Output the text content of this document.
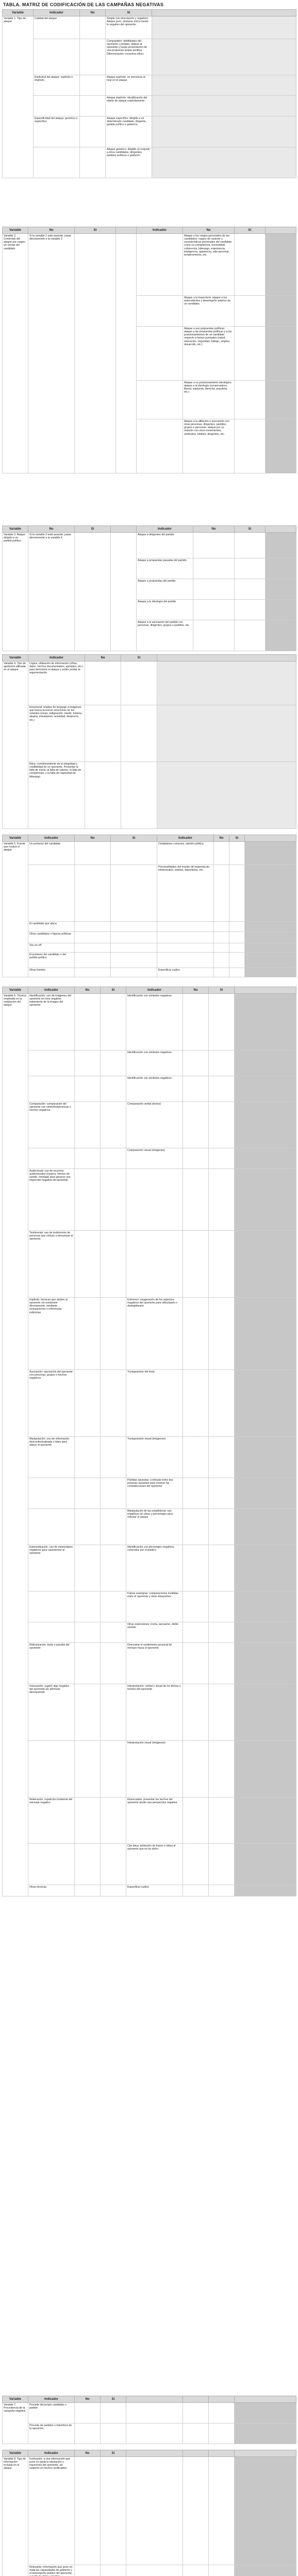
TABLA. MATRIZ DE CODIFICACIÓN DE LAS CAMPAÑAS NEGATIVAS
Variable	Indicador	No	Sí	
Variable 1. Tipo de ataque	Calidad del ataque		Simple (sin descripción y negativo). Ataque puro, destacar única mente lo negativo del oponente.	
			Comparativo: debilidades del oponente y propias; ataque al oponente y luego presentación de una propuesta propia positiva. Diferenciación «nosotros-ellos»	
	Explicitud del ataque: explícito e implícito		Ataque explícito: se menciona al rival en el ataque	
			Ataque implícito: identificación del objeto de ataque explícitamente	
	Especificidad del ataque: genérico o específico		Ataque específico: dirigido a un determinado candidato, dirigente, partido político o gobierno	
			Ataque genérico: dirigido al conjunto a otros candidatos, dirigentes, partidos políticos o gobierno	
Variable	No	Sí		Indicador	No	Sí	
Variable 2. Contenido del ataque por rasgos y/o temas del candidato	Si la variable 1 está ausente, pasar directamente a la variable 3				Ataque a los rasgos personales de los candidatos: rasgos de carácter y características personales del candidato como su competencia, honestidad, coherencia, liderazgo, experiencia, inteligencia, apariencia, vida personal, temperamento, etc.		
					Ataque a la trayectoria: ataque a los antecedentes y desempeño anterior de un candidato.		
					Ataque a sus propuestas políticas: ataque a las propuestas políticas y a los posicionamientos de un candidato respecto a temas puntuales (salud, educación, seguridad, trabajo, empleo, desarrollo, etc.)		
					Ataque a su posicionamiento ideológico: ataque a la ideología (conservadora, liberal, izquierda, derecha, populista, etc.)		
					Ataque a la afiliación o asociación con otras personas, dirigentes, partidos, grupos o personas: ataque por su relación con otros movimientos, sindicatos, lobbies, dirigentes, etc.		
Variable	No	Sí		Indicador	No	Sí	
Variable 3. Ataque dirigido a un partido político	Si la variable 3 está ausente, pasar directamente a la variable 4			Ataque a dirigentes del partido			
				Ataque a propuestas pasadas del partido			
				Ataque a propuestas del partido			
				Ataque a la ideología del partido			
				Ataque a la asociación del partido con personas, dirigentes, grupos o partidos, etc.			
Variable	Indicador	No	Sí	
Variable 4. Tipo de apelación utilizada en el ataque	Lógica: utilización de información (cifras, datos, hechos documentados, ejemplos, etc.) para demostrar el ataque y poder probar la argumentación			
	Emocional: empleo de lenguaje e imágenes que busca provocar emociones en los votantes (enojo, indignación, miedo, tristeza, alegría, entusiasmo, ansiedad, desprecio, etc.)			
	Ética: cuestionamiento de la integridad y credibilidad de un oponente. Presentar la falta de moral, la falta de valores, la falta de compromiso, y la falta de capacidad de liderazgo			
Variable	Indicador	No	Sí	Indicador	No	Sí	
Variable 5. Fuente que realiza el ataque	Un portavoz del candidato			Ciudadanos comunes, opinión pública			
				Personalidades del mundo del espectáculo, intelectuales, artistas, deportistas, etc.			
	El candidato que ataca						
	Otros candidatos o figuras políticas						
	Voz en off						
	El portavoz del candidato o del partido político						
	Otras fuentes			Especificar cuáles			
Variable	Indicador	No	Sí	Indicador	No	Sí	
Variable 6. Técnica empleada en la realización del ataque	Identificación: uso de imágenes del oponente en tono negativo, tratamiento de la imagen del oponente			Identificación con símbolos negativos			
				Identificación con símbolos negativos			
				Identificación con símbolos negativos			
	Comparación: comparación del oponente con símbolos/personas o hechos negativos			Comparación verbal (textos)			
				Comparación visual (imágenes)			
	Audiovisual: uso de recursos audiovisuales (música, efectos de sonido, montaje) para generar una impresión negativa del oponente						
	Testimonial: uso de testimonios de personas que critican o denuncian al oponente						
	Implícito: técnicas que aluden al oponente sin nombrarlo directamente, mediante insinuaciones o referencias indirectas			Extremos: exageración de los aspectos negativos del oponente para ridiculizarlo o deslegitimarlo			
	Asociación: asociación del oponente con personas, grupos o hechos negativos			Yuxtaposición del texto			
	Manipulación: uso de información descontextualizada o falsa para atacar al oponente			Yuxtaposición visual (imágenes)			
				Partidas opuestas: contraste entre dos posturas opuestas para mostrar las contradicciones del oponente			
				Manipulación de las estadísticas: uso engañoso de cifras y porcentajes para reforzar el ataque			
	Estereotipación: uso de estereotipos negativos para caracterizar al oponente			Identificación con personajes negativos conocidos por el público			
				Falsas analogías: comparaciones inválidas entre el oponente y otras situaciones			
				Otras expresiones: ironía, sarcasmo, doble sentido			
	Ridiculización: burla o parodia del oponente			Demostrar el sentimiento personal de rechazo hacia el oponente			
	Insinuación: sugerir algo negativo del oponente sin afirmarlo directamente			Interpretación: verbal o visual de los dichos o hechos del oponente			
				Interpretación visual (imágenes)			
	Reiteración: repetición insistente del mensaje negativo			Reencuadre: presentar los hechos del oponente desde una perspectiva negativa			
				Cita falsa: atribución de frases o ideas al oponente que no ha dicho			
	Otras técnicas			Especificar cuáles			
Variable	Indicador	No	Sí				
Variable 7. Procedencia de la campaña negativa	Procede del propio candidato o partido						
	Procede de partidos o miembros de la oposición						
Variable	Indicador	No	Sí				
Variable 8. Tipo de información incluida en el ataque	Irrelevante: a una información que pone en duda la reputación y trayectoria del oponente, sin sustento en hechos verificables						
	Relevante: información que pone en duda las capacidades de gobierno y el desempeño público del oponente,						
